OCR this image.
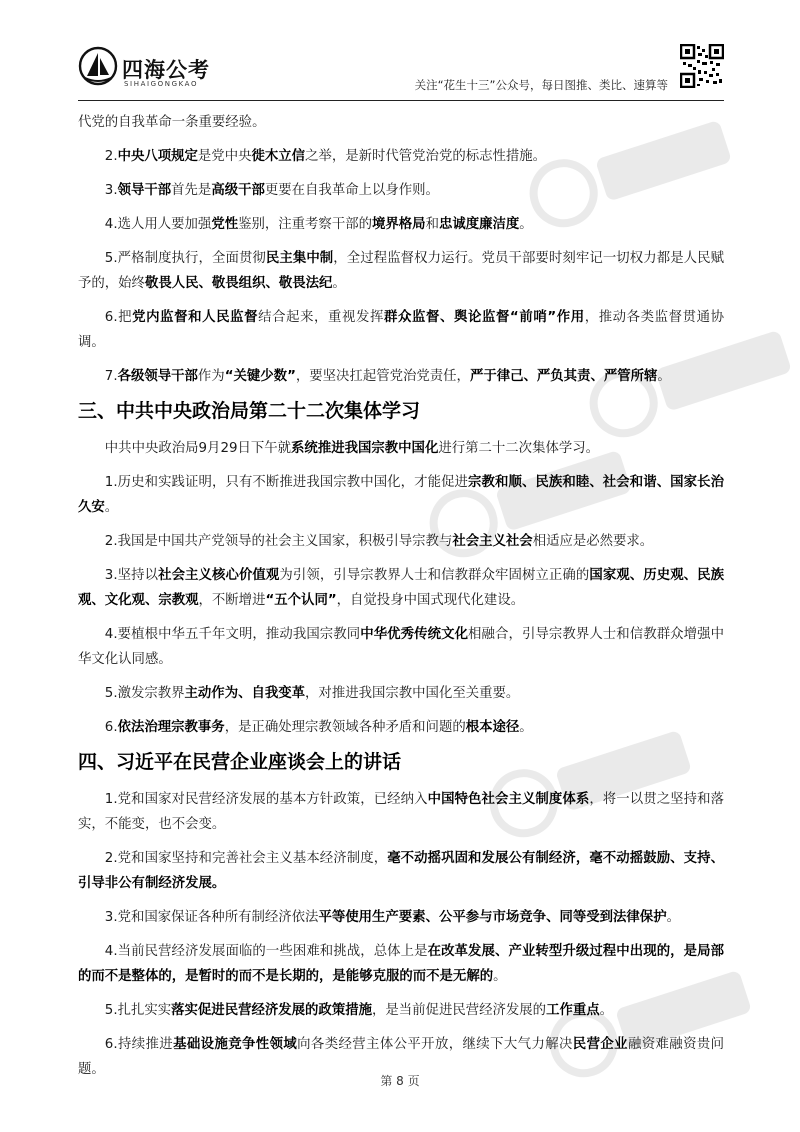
四海公考
SIHAIGONGKAO	关注“花生十三”公众号，每日图推、类比、速算等

代党的自我革命一条重要经验。

2.中央八项规定是党中央徙木立信之举，是新时代管党治党的标志性措施。

3.领导干部首先是高级干部更要在自我革命上以身作则。

4.选人用人要加强党性鉴别，注重考察干部的境界格局和忠诚度廉洁度。

5.严格制度执行，全面贯彻民主集中制，全过程监督权力运行。党员干部要时刻牢记一切权力都是人民赋予的，始终敬畏人民、敬畏组织、敬畏法纪。

6.把党内监督和人民监督结合起来，重视发挥群众监督、舆论监督“前哨”作用，推动各类监督贯通协调。

7.各级领导干部作为“关键少数”，要坚决扛起管党治党责任，严于律己、严负其责、严管所辖。

三、中共中央政治局第二十二次集体学习

中共中央政治局9月29日下午就系统推进我国宗教中国化进行第二十二次集体学习。

1.历史和实践证明，只有不断推进我国宗教中国化，才能促进宗教和顺、民族和睦、社会和谐、国家长治久安。

2.我国是中国共产党领导的社会主义国家，积极引导宗教与社会主义社会相适应是必然要求。

3.坚持以社会主义核心价值观为引领，引导宗教界人士和信教群众牢固树立正确的国家观、历史观、民族观、文化观、宗教观，不断增进“五个认同”，自觉投身中国式现代化建设。

4.要植根中华五千年文明，推动我国宗教同中华优秀传统文化相融合，引导宗教界人士和信教群众增强中华文化认同感。

5.激发宗教界主动作为、自我变革，对推进我国宗教中国化至关重要。

6.依法治理宗教事务，是正确处理宗教领域各种矛盾和问题的根本途径。

四、习近平在民营企业座谈会上的讲话

1.党和国家对民营经济发展的基本方针政策，已经纳入中国特色社会主义制度体系，将一以贯之坚持和落实，不能变，也不会变。

2.党和国家坚持和完善社会主义基本经济制度，毫不动摇巩固和发展公有制经济，毫不动摇鼓励、支持、引导非公有制经济发展。

3.党和国家保证各种所有制经济依法平等使用生产要素、公平参与市场竞争、同等受到法律保护。

4.当前民营经济发展面临的一些困难和挑战，总体上是在改革发展、产业转型升级过程中出现的，是局部的而不是整体的，是暂时的而不是长期的，是能够克服的而不是无解的。

5.扎扎实实落实促进民营经济发展的政策措施，是当前促进民营经济发展的工作重点。

6.持续推进基础设施竞争性领域向各类经营主体公平开放，继续下大气力解决民营企业融资难融资贵问题。

第 8 页
